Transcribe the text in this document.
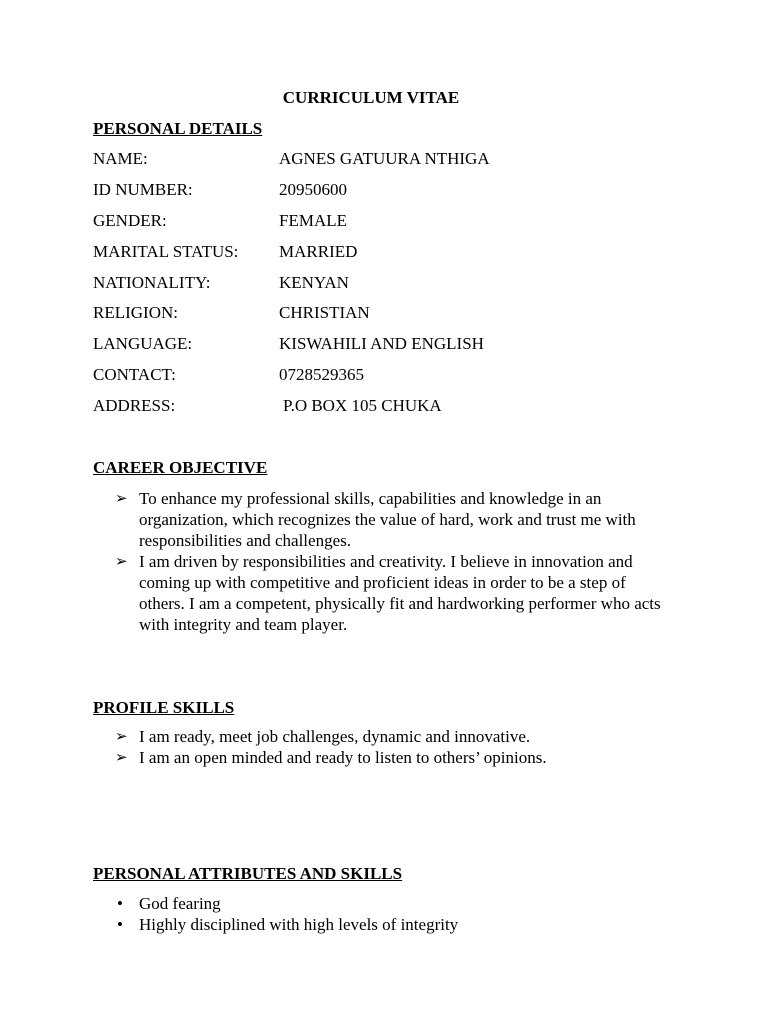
CURRICULUM VITAE
PERSONAL DETAILS
NAME:	AGNES GATUURA NTHIGA
ID NUMBER:	20950600
GENDER:	FEMALE
MARITAL STATUS: MARRIED
NATIONALITY:	KENYAN
RELIGION:	CHRISTIAN
LANGUAGE:	KISWAHILI AND ENGLISH
CONTACT:	0728529365
ADDRESS:	P.O BOX 105 CHUKA
CAREER OBJECTIVE
➢ To enhance my professional skills, capabilities and knowledge in an organization, which recognizes the value of hard, work and trust me with responsibilities and challenges.
➢ I am driven by responsibilities and creativity. I believe in innovation and coming up with competitive and proficient ideas in order to be a step of others. I am a competent, physically fit and hardworking performer who acts with integrity and team player.
PROFILE SKILLS
➢ I am ready, meet job challenges, dynamic and innovative.
➢ I am an open minded and ready to listen to others’ opinions.
PERSONAL ATTRIBUTES AND SKILLS
• God fearing
• Highly disciplined with high levels of integrity
